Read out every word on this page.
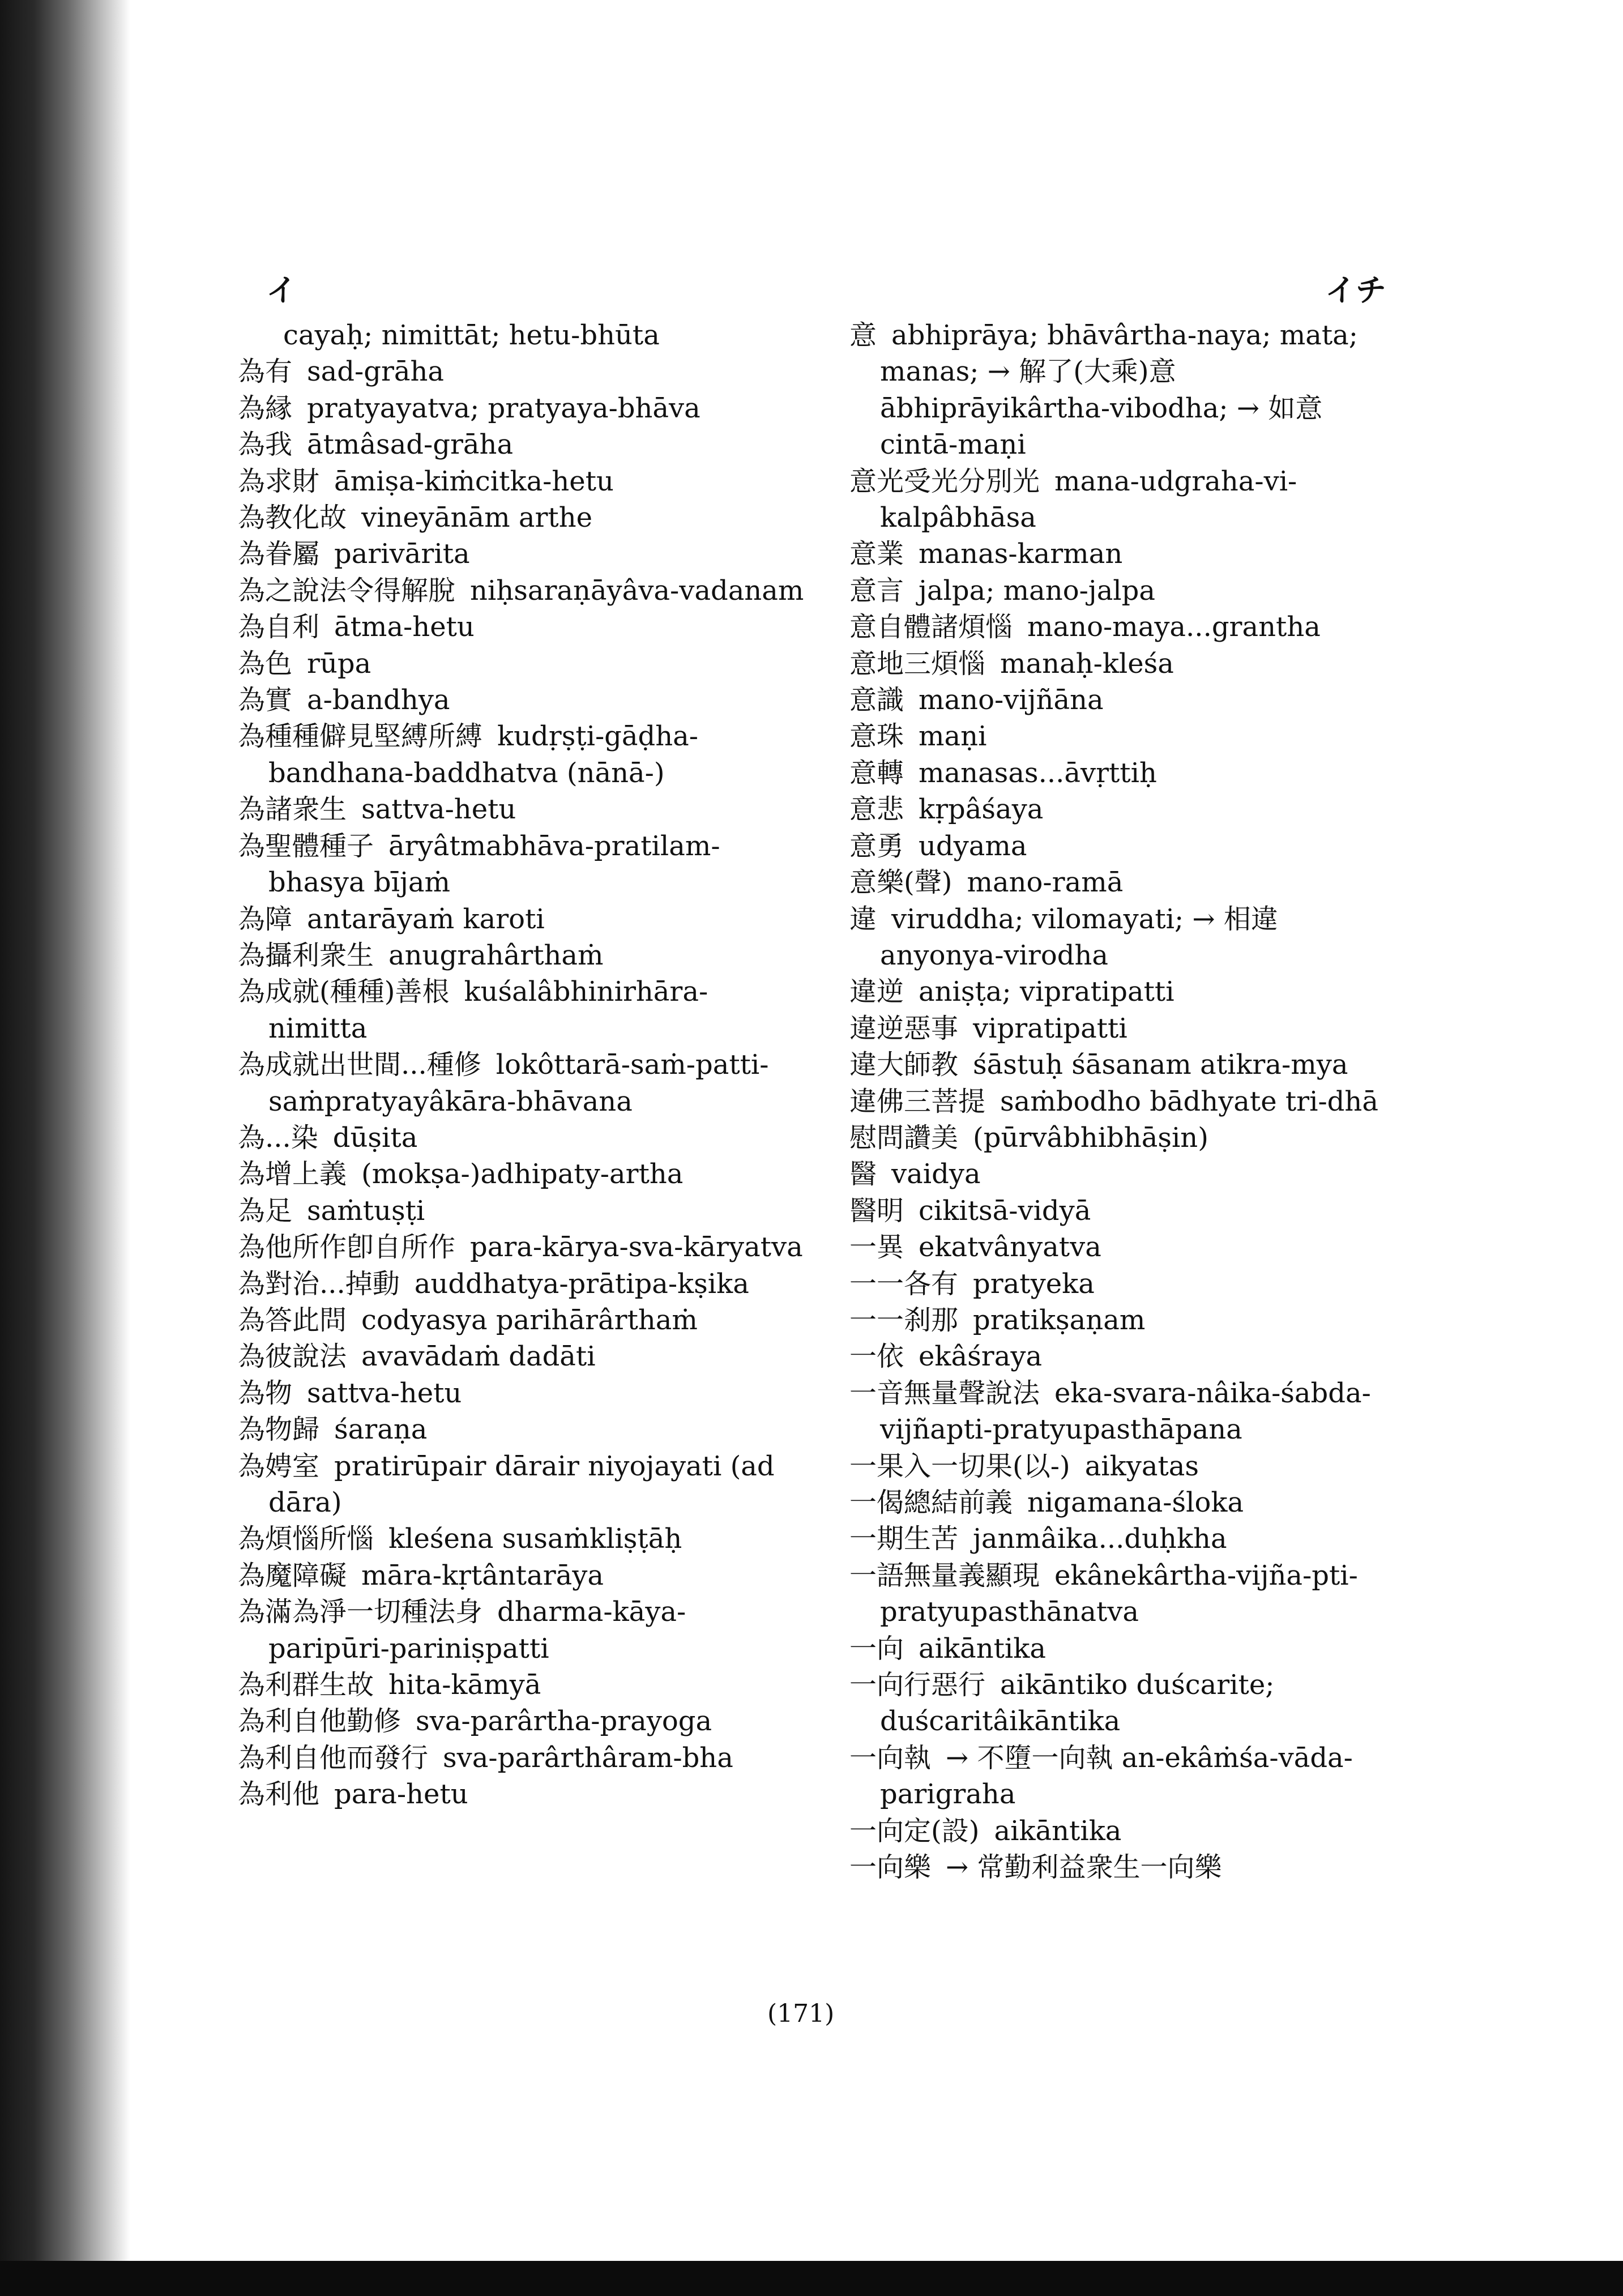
イ	イチ

cayaḥ; nimittāt; hetu-bhūta

為有 sad-grāha

為縁 pratyayatva; pratyaya-bhāva

為我 ātmâsad-grāha

為求財 āmiṣa-kiṁcitka-hetu

為教化故 vineyānām arthe

為眷屬 parivārita

為之說法令得解脫 niḥsaraṇāyâva-vadanam

為自利 ātma-hetu

為色 rūpa

為實 a-bandhya

為種種僻見堅縛所縛 kudṛṣṭi-gāḍha-bandhana-baddhatva (nānā-)

為諸衆生 sattva-hetu

為聖體種子 āryâtmabhāva-pratilam-bhasya bījaṁ

為障 antarāyaṁ karoti

為攝利衆生 anugrahârthaṁ

為成就(種種)善根 kuśalâbhinirhāra-nimitta

為成就出世間...種修 lokôttarā-saṁ-patti-saṁpratyayâkāra-bhāvana

為...染 dūṣita

為增上義 (mokṣa-)adhipaty-artha

為足 saṁtuṣṭi

為他所作卽自所作 para-kārya-sva-kāryatva

為對治...掉動 auddhatya-prātipa-kṣika

為答此問 codyasya parihārârthaṁ

為彼說法 avavādaṁ dadāti

為物 sattva-hetu

為物歸 śaraṇa

為娉室 pratirūpair dārair niyojayati (ad dāra)

為煩惱所惱 kleśena susaṁkliṣṭāḥ

為魔障礙 māra-kṛtântarāya

為滿為淨一切種法身 dharma-kāya-paripūri-pariniṣpatti

為利群生故 hita-kāmyā

為利自他勤修 sva-parârtha-prayoga

為利自他而發行 sva-parârthâram-bha

為利他 para-hetu

意 abhiprāya; bhāvârtha-naya; mata; manas; → 解了(大乘)意 ābhiprāyikârtha-vibodha; → 如意 cintā-maṇi

意光受光分別光 mana-udgraha-vi-kalpâbhāsa

意業 manas-karman

意言 jalpa; mano-jalpa

意自體諸煩惱 mano-maya...grantha

意地三煩惱 manaḥ-kleśa

意識 mano-vijñāna

意珠 maṇi

意轉 manasas...āvṛttiḥ

意悲 kṛpâśaya

意勇 udyama

意樂(聲) mano-ramā

違 viruddha; vilomayati; → 相違 anyonya-virodha

違逆 aniṣṭa; vipratipatti

違逆惡事 vipratipatti

違大師教 śāstuḥ śāsanam atikra-mya

違佛三菩提 saṁbodho bādhyate tri-dhā

慰問讚美 (pūrvâbhibhāṣin)

醫 vaidya

醫明 cikitsā-vidyā

一異 ekatvânyatva

一一各有 pratyeka

一一刹那 pratikṣaṇam

一依 ekâśraya

一音無量聲說法 eka-svara-nâika-śabda-vijñapti-pratyupasthāpana

一果入一切果(以-) aikyatas

一偈總結前義 nigamana-śloka

一期生苦 janmâika...duḥkha

一語無量義顯現 ekânekârtha-vijña-pti-pratyupasthānatva

一向 aikāntika

一向行惡行 aikāntiko duścarite; duścaritâikāntika

一向執 → 不墮一向執 an-ekâṁśa-vāda-parigraha

一向定(設) aikāntika

一向樂 → 常勤利益衆生一向樂

(171)
